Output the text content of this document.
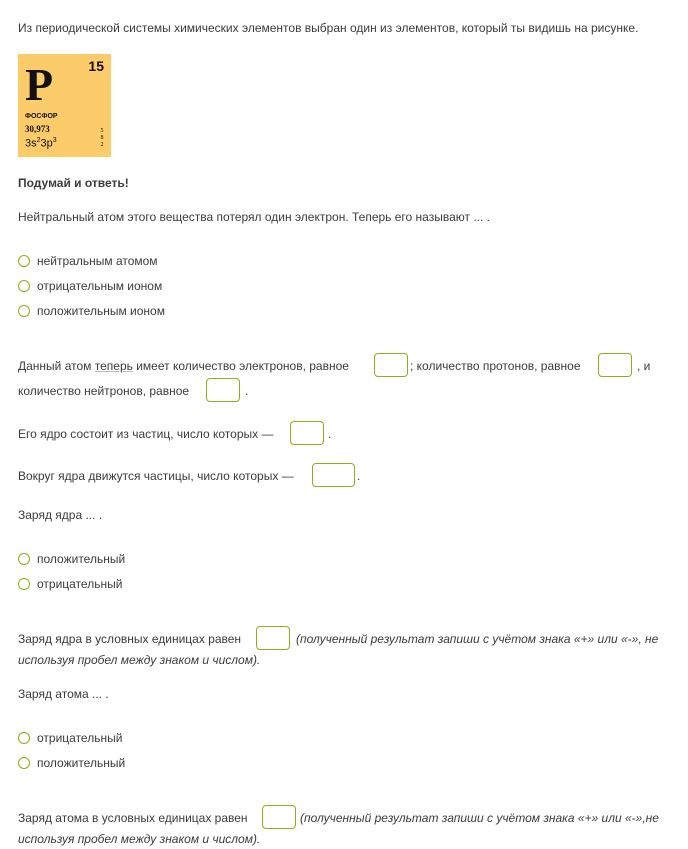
Из периодической системы химических элементов выбран один из элементов, который ты видишь на рисунке.
P	15
ФОСФОР
30,973
$3s^23p^3$
5
8
2
Подумай и ответь!
Нейтральный атом этого вещества потерял один электрон. Теперь его называют ... .
нейтральным атомом
отрицательным ионом
положительным ионом
Данный атом теперь имеет количество электронов, равное	; количество протонов, равное	, и
количество нейтронов, равное	.
Его ядро состоит из частиц, число которых —	.
Вокруг ядра движутся частицы, число которых —	.
Заряд ядра ... .
положительный
отрицательный
Заряд ядра в условных единицах равен	(полученный результат запиши с учётом знака «+» или «-», не
используя пробел между знаком и числом).
Заряд атома ... .
отрицательный
положительный
Заряд атома в условных единицах равен	(полученный результат запиши с учётом знака «+» или «-»,не
используя пробел между знаком и числом).
